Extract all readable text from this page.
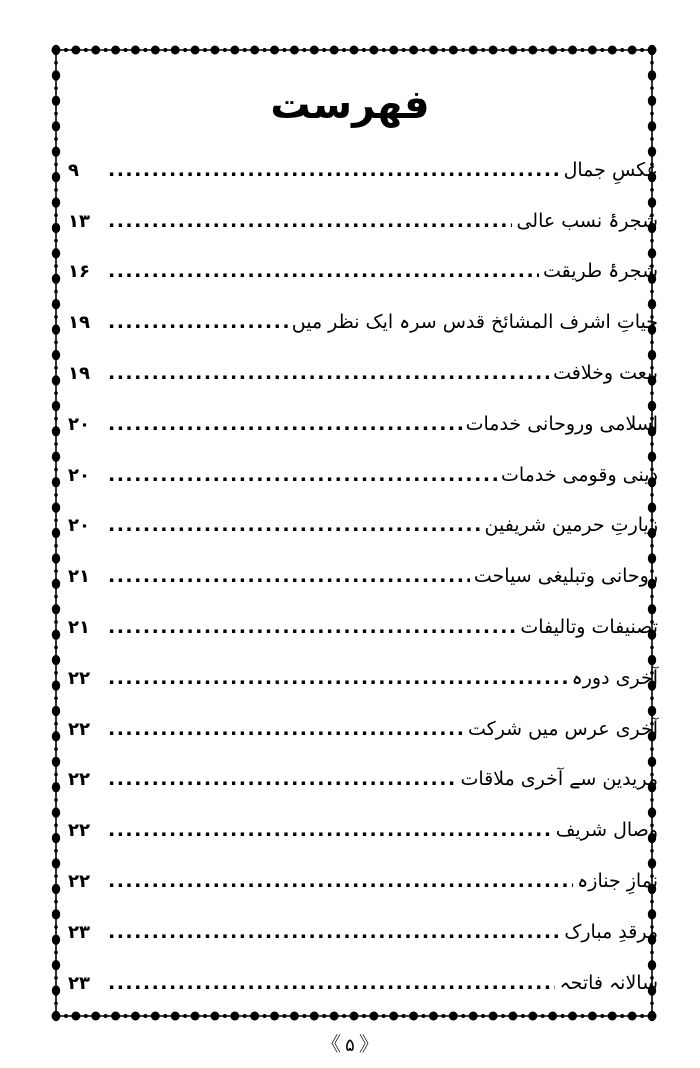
فهرست
عکسِ جمال
.....
۹
شجرۂ نسب عالی
.....
۱۳
شجرۂ طریقت
.....
۱۶
حیاتِ اشرف المشائخ قدس سرہ ایک نظر میں
.....
۱۹
بیعت وخلافت
.....
۱۹
اسلامی وروحانی خدمات
.....
۲۰
دینی وقومی خدمات
.....
۲۰
زیارتِ حرمین شریفین
.....
۲۰
روحانی وتبلیغی سیاحت
.....
۲۱
تصنیفات وتالیفات
.....
۲۱
آخری دورہ
.....
۲۲
آخری عرس میں شرکت
.....
۲۲
مریدین سے آخری ملاقات
.....
۲۲
وصال شریف
.....
۲۲
نمازِ جنازہ
.....
۲۲
مرقدِ مبارک
.....
۲۳
سالانہ فاتحہ
.....
۲۳
《۵》
